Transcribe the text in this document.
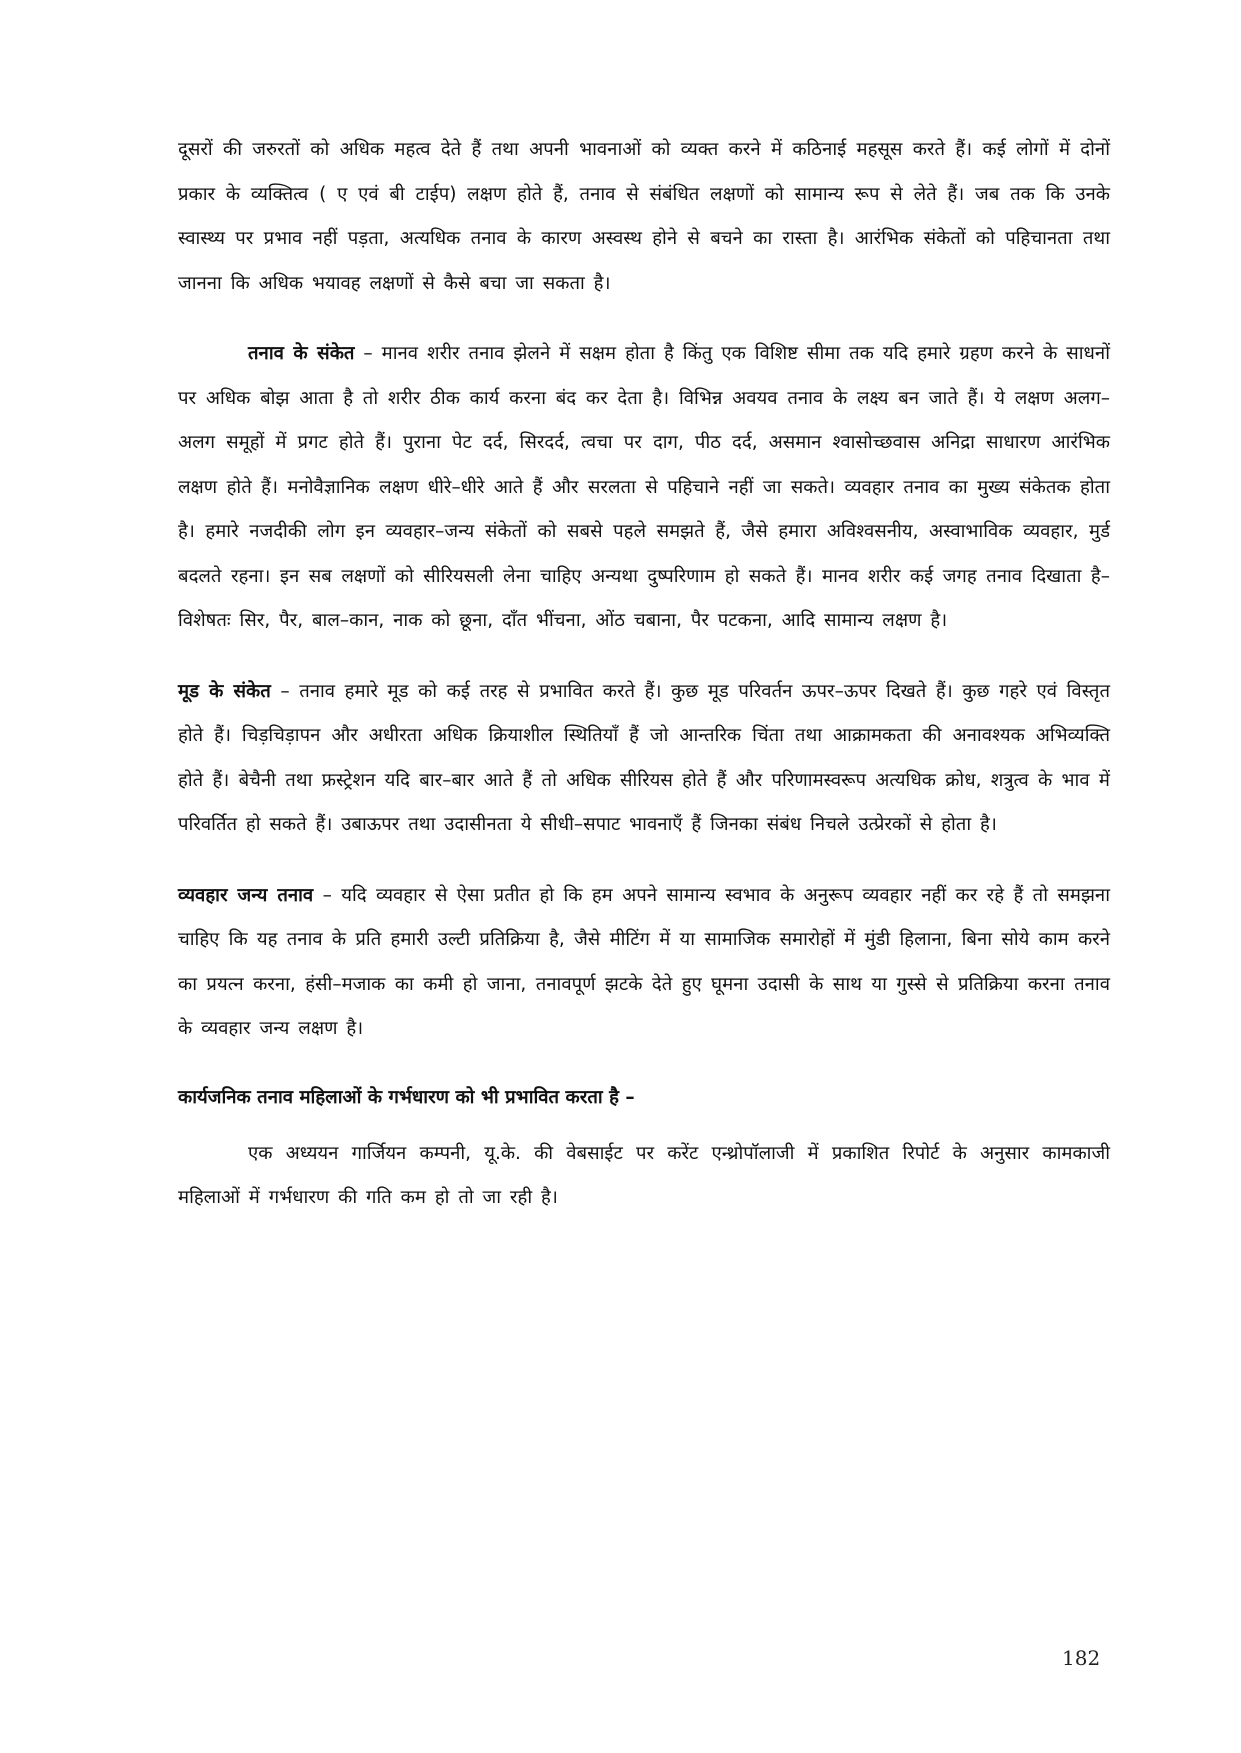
दूसरों की जरुरतों को अधिक महत्व देते हैं तथा अपनी भावनाओं को व्यक्त करने में कठिनाई महसूस करते हैं। कई लोगों में दोनों प्रकार के व्यक्तित्व ( ए एवं बी टाईप) लक्षण होते हैं, तनाव से संबंधित लक्षणों को सामान्य रूप से लेते हैं। जब तक कि उनके स्वास्थ्य पर प्रभाव नहीं पड़ता, अत्यधिक तनाव के कारण अस्वस्थ होने से बचने का रास्ता है। आरंभिक संकेतों को पहिचानता तथा जानना कि अधिक भयावह लक्षणों से कैसे बचा जा सकता है।

तनाव के संकेत – मानव शरीर तनाव झेलने में सक्षम होता है किंतु एक विशिष्ट सीमा तक यदि हमारे ग्रहण करने के साधनों पर अधिक बोझ आता है तो शरीर ठीक कार्य करना बंद कर देता है। विभिन्न अवयव तनाव के लक्ष्य बन जाते हैं। ये लक्षण अलग–अलग समूहों में प्रगट होते हैं। पुराना पेट दर्द, सिरदर्द, त्वचा पर दाग, पीठ दर्द, असमान श्वासोच्छवास अनिद्रा साधारण आरंभिक लक्षण होते हैं। मनोवैज्ञानिक लक्षण धीरे–धीरे आते हैं और सरलता से पहिचाने नहीं जा सकते। व्यवहार तनाव का मुख्य संकेतक होता है। हमारे नजदीकी लोग इन व्यवहार–जन्य संकेतों को सबसे पहले समझते हैं, जैसे हमारा अविश्वसनीय, अस्वाभाविक व्यवहार, मुर्ड बदलते रहना। इन सब लक्षणों को सीरियसली लेना चाहिए अन्यथा दुष्परिणाम हो सकते हैं। मानव शरीर कई जगह तनाव दिखाता है–विशेषतः सिर, पैर, बाल–कान, नाक को छूना, दाँत भींचना, ओंठ चबाना, पैर पटकना, आदि सामान्य लक्षण है।

मूड के संकेत – तनाव हमारे मूड को कई तरह से प्रभावित करते हैं। कुछ मूड परिवर्तन ऊपर–ऊपर दिखते हैं। कुछ गहरे एवं विस्तृत होते हैं। चिड़चिड़ापन और अधीरता अधिक क्रियाशील स्थितियाँ हैं जो आन्तरिक चिंता तथा आक्रामकता की अनावश्यक अभिव्यक्ति होते हैं। बेचैनी तथा फ्रस्ट्रेशन यदि बार–बार आते हैं तो अधिक सीरियस होते हैं और परिणामस्वरूप अत्यधिक क्रोध, शत्रुत्व के भाव में परिवर्तित हो सकते हैं। उबाऊपर तथा उदासीनता ये सीधी–सपाट भावनाएँ हैं जिनका संबंध निचले उत्प्रेरकों से होता है।

व्यवहार जन्य तनाव – यदि व्यवहार से ऐसा प्रतीत हो कि हम अपने सामान्य स्वभाव के अनुरूप व्यवहार नहीं कर रहे हैं तो समझना चाहिए कि यह तनाव के प्रति हमारी उल्टी प्रतिक्रिया है, जैसे मीटिंग में या सामाजिक समारोहों में मुंडी हिलाना, बिना सोये काम करने का प्रयत्न करना, हंसी–मजाक का कमी हो जाना, तनावपूर्ण झटके देते हुए घूमना उदासी के साथ या गुस्से से प्रतिक्रिया करना तनाव के व्यवहार जन्य लक्षण है।

कार्यजनिक तनाव महिलाओं के गर्भधारण को भी प्रभावित करता है –

एक अध्ययन गार्जियन कम्पनी, यू.के. की वेबसाईट पर करेंट एन्थ्रोपॉलाजी में प्रकाशित रिपोर्ट के अनुसार कामकाजी महिलाओं में गर्भधारण की गति कम हो तो जा रही है।

182
